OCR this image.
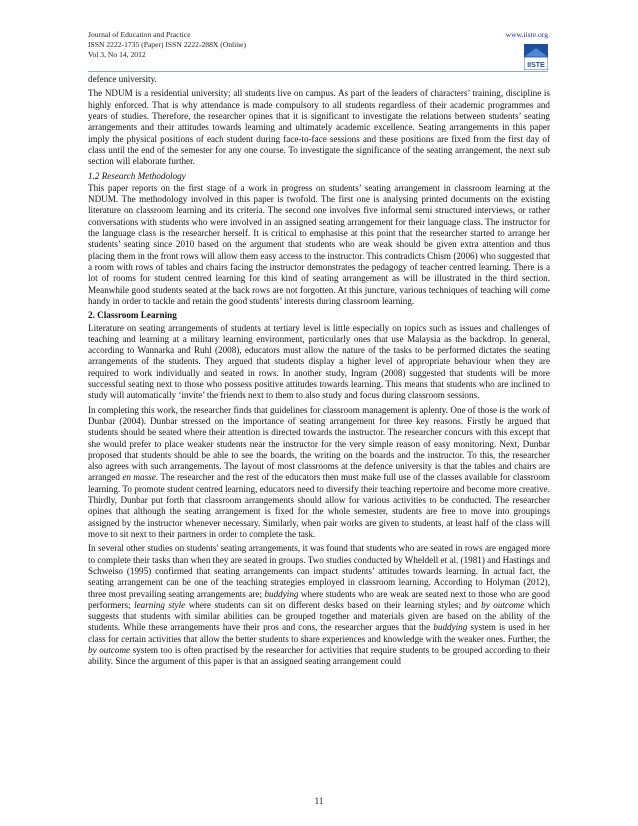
Journal of Education and Practice	www.iiste.org
ISSN 2222-1735 (Paper) ISSN 2222-288X (Online)
Vol 3, No 14, 2012
IISTE

defence university.

The NDUM is a residential university; all students live on campus. As part of the leaders of characters’ training, discipline is highly enforced. That is why attendance is made compulsory to all students regardless of their academic programmes and years of studies. Therefore, the researcher opines that it is significant to investigate the relations between students’ seating arrangements and their attitudes towards learning and ultimately academic excellence. Seating arrangements in this paper imply the physical positions of each student during face-to-face sessions and these positions are fixed from the first day of class until the end of the semester for any one course. To investigate the significance of the seating arrangement, the next sub section will elaborate further.

1.2 Research Methodology

This paper reports on the first stage of a work in progress on students’ seating arrangement in classroom learning at the NDUM. The methodology involved in this paper is twofold. The first one is analysing printed documents on the existing literature on classroom learning and its criteria. The second one involves five informal semi structured interviews, or rather conversations with students who were involved in an assigned seating arrangement for their language class. The instructor for the language class is the researcher herself. It is critical to emphasise at this point that the researcher started to arrange her students’ seating since 2010 based on the argument that students who are weak should be given extra attention and thus placing them in the front rows will allow them easy access to the instructor. This contradicts Chism (2006) who suggested that a room with rows of tables and chairs facing the instructor demonstrates the pedagogy of teacher centred learning. There is a lot of rooms for student centred learning for this kind of seating arrangement as will be illustrated in the third section. Meanwhile good students seated at the back rows are not forgotten. At this juncture, various techniques of teaching will come handy in order to tackle and retain the good students’ interests during classroom learning.

2. Classroom Learning

Literature on seating arrangements of students at tertiary level is little especially on topics such as issues and challenges of teaching and learning at a military learning environment, particularly ones that use Malaysia as the backdrop. In general, according to Wannarka and Ruhl (2008), educators must allow the nature of the tasks to be performed dictates the seating arrangements of the students. They argued that students display a higher level of appropriate behaviour when they are required to work individually and seated in rows. In another study, Ingram (2008) suggested that students will be more successful seating next to those who possess positive attitudes towards learning. This means that students who are inclined to study will automatically ‘invite’ the friends next to them to also study and focus during classroom sessions.

In completing this work, the researcher finds that guidelines for classroom management is aplenty. One of those is the work of Dunbar (2004). Dunbar stressed on the importance of seating arrangement for three key reasons. Firstly he argued that students should be seated where their attention is directed towards the instructor. The researcher concurs with this except that she would prefer to place weaker students near the instructor for the very simple reason of easy monitoring. Next, Dunbar proposed that students should be able to see the boards, the writing on the boards and the instructor. To this, the researcher also agrees with such arrangements. The layout of most classrooms at the defence university is that the tables and chairs are arranged en masse. The researcher and the rest of the educators then must make full use of the classes available for classroom learning. To promote student centred learning, educators need to diversify their teaching repertoire and become more creative. Thirdly, Dunbar put forth that classroom arrangements should allow for various activities to be conducted. The researcher opines that although the seating arrangement is fixed for the whole semester, students are free to move into groupings assigned by the instructor whenever necessary. Similarly, when pair works are given to students, at least half of the class will move to sit next to their partners in order to complete the task.

In several other studies on students' seating arrangements, it was found that students who are seated in rows are engaged more to complete their tasks than when they are seated in groups. Two studies conducted by Wheldell et al. (1981) and Hastings and Schweiso (1995) confirmed that seating arrangements can impact students’ attitudes towards learning. In actual fact, the seating arrangement can be one of the teaching strategies employed in classroom learning. According to Holyman (2012), three most prevailing seating arrangements are; buddying where students who are weak are seated next to those who are good performers; learning style where students can sit on different desks based on their learning styles; and by outcome which suggests that students with similar abilities can be grouped together and materials given are based on the ability of the students. While these arrangements have their pros and cons, the researcher argues that the buddying system is used in her class for certain activities that allow the better students to share experiences and knowledge with the weaker ones. Further, the by outcome system too is often practised by the researcher for activities that require students to be grouped according to their ability. Since the argument of this paper is that an assigned seating arrangement could

11
